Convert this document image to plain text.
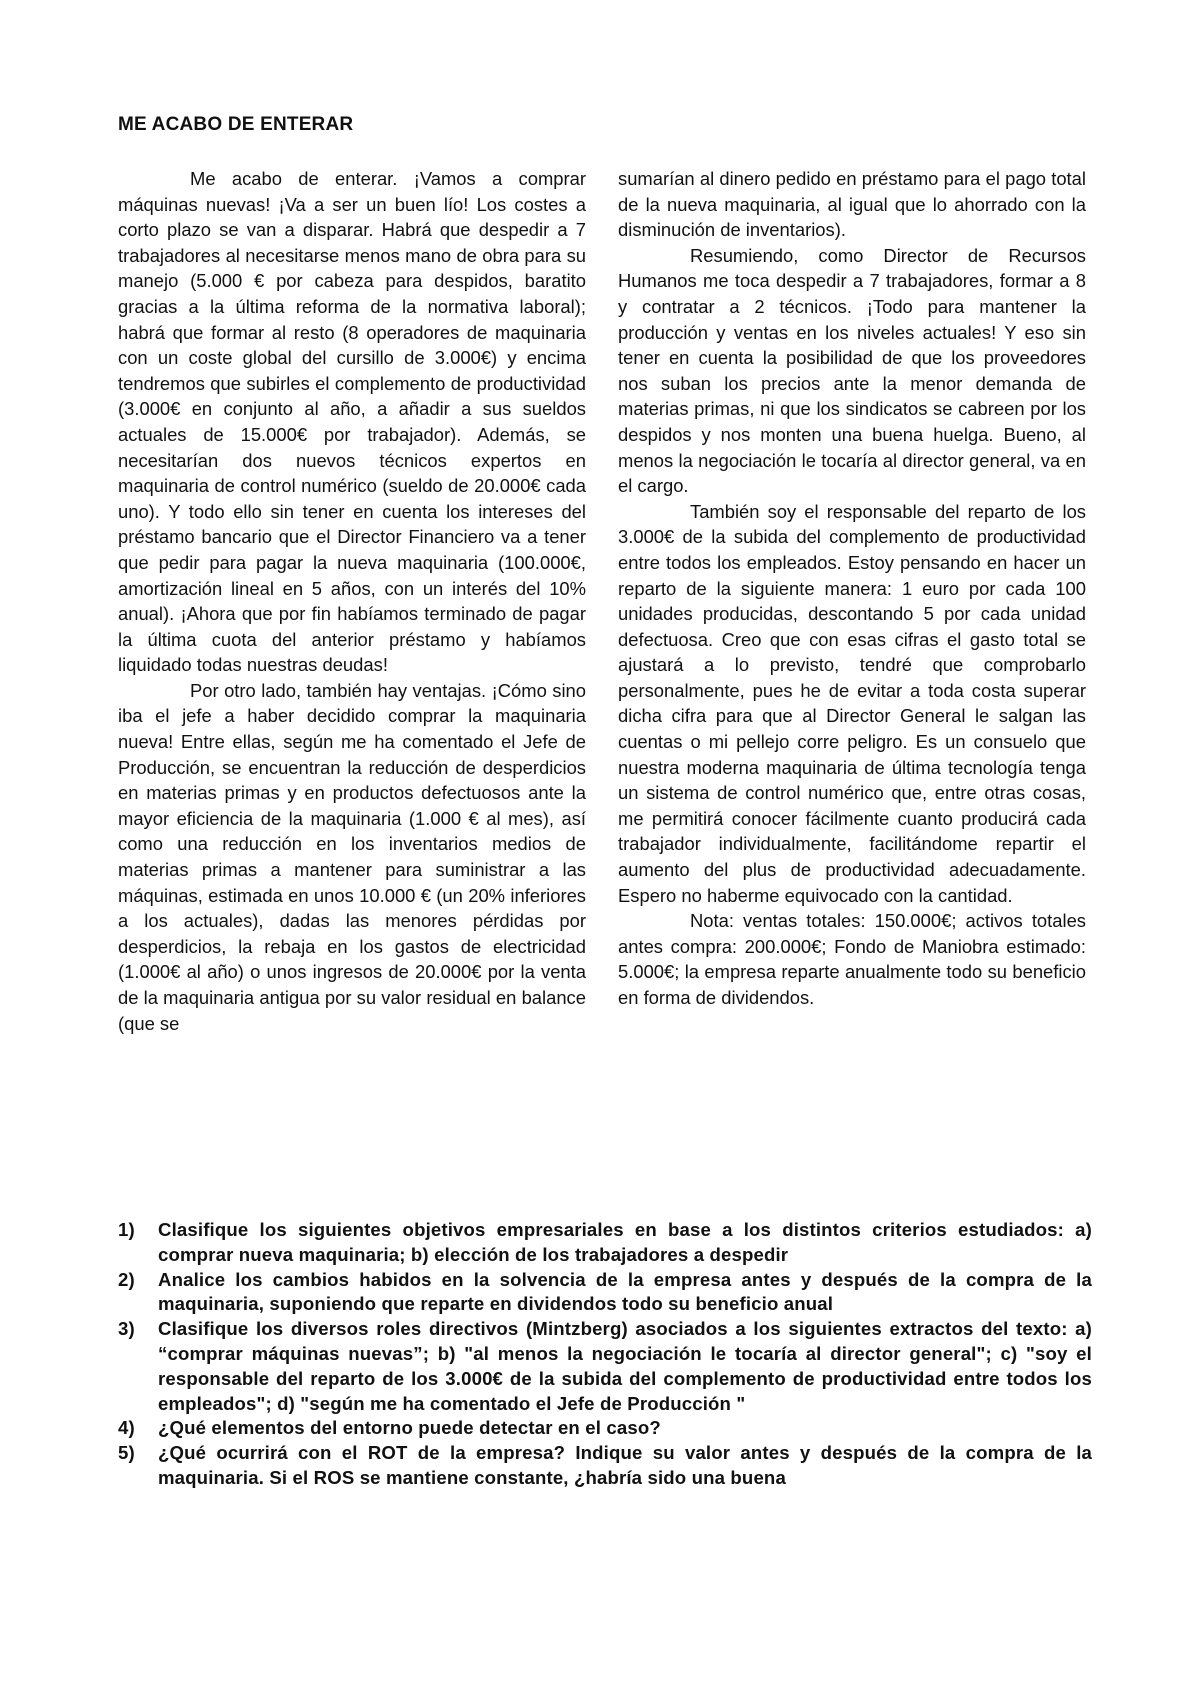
ME ACABO DE ENTERAR

Me acabo de enterar. ¡Vamos a comprar máquinas nuevas! ¡Va a ser un buen lío! Los costes a corto plazo se van a disparar. Habrá que despedir a 7 trabajadores al necesitarse menos mano de obra para su manejo (5.000 € por cabeza para despidos, baratito gracias a la última reforma de la normativa laboral); habrá que formar al resto (8 operadores de maquinaria con un coste global del cursillo de 3.000€) y encima tendremos que subirles el complemento de productividad (3.000€ en conjunto al año, a añadir a sus sueldos actuales de 15.000€ por trabajador). Además, se necesitarían dos nuevos técnicos expertos en maquinaria de control numérico (sueldo de 20.000€ cada uno). Y todo ello sin tener en cuenta los intereses del préstamo bancario que el Director Financiero va a tener que pedir para pagar la nueva maquinaria (100.000€, amortización lineal en 5 años, con un interés del 10% anual). ¡Ahora que por fin habíamos terminado de pagar la última cuota del anterior préstamo y habíamos liquidado todas nuestras deudas!

Por otro lado, también hay ventajas. ¡Cómo sino iba el jefe a haber decidido comprar la maquinaria nueva! Entre ellas, según me ha comentado el Jefe de Producción, se encuentran la reducción de desperdicios en materias primas y en productos defectuosos ante la mayor eficiencia de la maquinaria (1.000 € al mes), así como una reducción en los inventarios medios de materias primas a mantener para suministrar a las máquinas, estimada en unos 10.000 € (un 20% inferiores a los actuales), dadas las menores pérdidas por desperdicios, la rebaja en los gastos de electricidad (1.000€ al año) o unos ingresos de 20.000€ por la venta de la maquinaria antigua por su valor residual en balance (que se

sumarían al dinero pedido en préstamo para el pago total de la nueva maquinaria, al igual que lo ahorrado con la disminución de inventarios).

Resumiendo, como Director de Recursos Humanos me toca despedir a 7 trabajadores, formar a 8 y contratar a 2 técnicos. ¡Todo para mantener la producción y ventas en los niveles actuales! Y eso sin tener en cuenta la posibilidad de que los proveedores nos suban los precios ante la menor demanda de materias primas, ni que los sindicatos se cabreen por los despidos y nos monten una buena huelga. Bueno, al menos la negociación le tocaría al director general, va en el cargo.

También soy el responsable del reparto de los 3.000€ de la subida del complemento de productividad entre todos los empleados. Estoy pensando en hacer un reparto de la siguiente manera: 1 euro por cada 100 unidades producidas, descontando 5 por cada unidad defectuosa. Creo que con esas cifras el gasto total se ajustará a lo previsto, tendré que comprobarlo personalmente, pues he de evitar a toda costa superar dicha cifra para que al Director General le salgan las cuentas o mi pellejo corre peligro. Es un consuelo que nuestra moderna maquinaria de última tecnología tenga un sistema de control numérico que, entre otras cosas, me permitirá conocer fácilmente cuanto producirá cada trabajador individualmente, facilitándome repartir el aumento del plus de productividad adecuadamente. Espero no haberme equivocado con la cantidad.

Nota: ventas totales: 150.000€; activos totales antes compra: 200.000€; Fondo de Maniobra estimado: 5.000€; la empresa reparte anualmente todo su beneficio en forma de dividendos.

1) Clasifique los siguientes objetivos empresariales en base a los distintos criterios estudiados: a) comprar nueva maquinaria; b) elección de los trabajadores a despedir
2) Analice los cambios habidos en la solvencia de la empresa antes y después de la compra de la maquinaria, suponiendo que reparte en dividendos todo su beneficio anual
3) Clasifique los diversos roles directivos (Mintzberg) asociados a los siguientes extractos del texto: a) “comprar máquinas nuevas”; b) "al menos la negociación le tocaría al director general"; c) "soy el responsable del reparto de los 3.000€ de la subida del complemento de productividad entre todos los empleados"; d) "según me ha comentado el Jefe de Producción "
4) ¿Qué elementos del entorno puede detectar en el caso?
5) ¿Qué ocurrirá con el ROT de la empresa? Indique su valor antes y después de la compra de la maquinaria. Si el ROS se mantiene constante, ¿habría sido una buena
